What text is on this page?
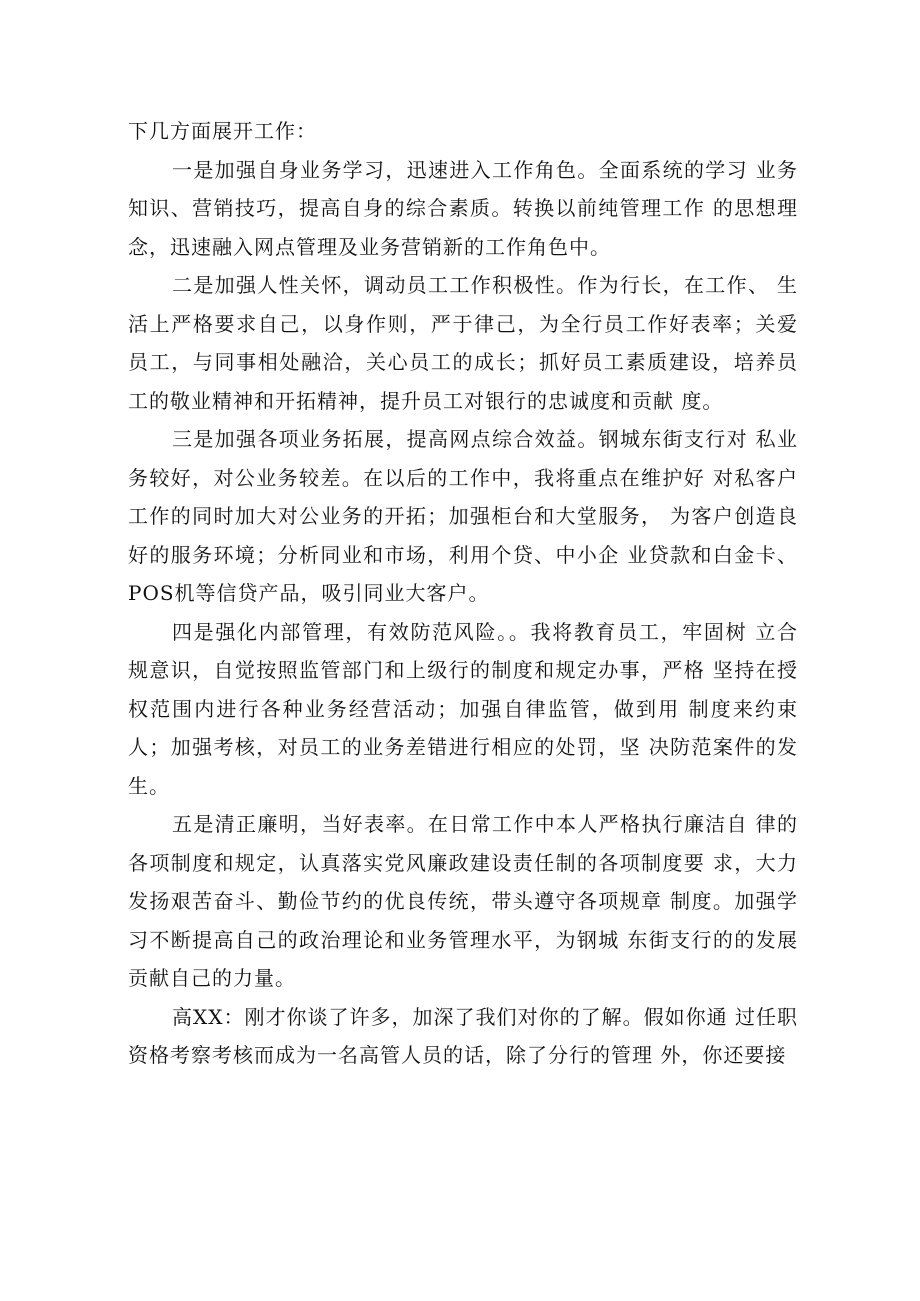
下几方面展开工作：

一是加强自身业务学习，迅速进入工作角色。全面系统的学习 业务知识、营销技巧，提高自身的综合素质。转换以前纯管理工作 的思想理念，迅速融入网点管理及业务营销新的工作角色中。

二是加强人性关怀，调动员工工作积极性。作为行长，在工作、 生活上严格要求自己，以身作则，严于律己，为全行员工作好表率；关爱员工，与同事相处融洽，关心员工的成长；抓好员工素质建设，培养员工的敬业精神和开拓精神，提升员工对银行的忠诚度和贡献 度。

三是加强各项业务拓展，提高网点综合效益。钢城东街支行对 私业务较好，对公业务较差。在以后的工作中，我将重点在维护好 对私客户工作的同时加大对公业务的开拓；加强柜台和大堂服务， 为客户创造良好的服务环境；分析同业和市场，利用个贷、中小企 业贷款和白金卡、POS机等信贷产品，吸引同业大客户。

四是强化内部管理，有效防范风险。。我将教育员工，牢固树 立合规意识，自觉按照监管部门和上级行的制度和规定办事，严格 坚持在授权范围内进行各种业务经营活动；加强自律监管，做到用 制度来约束人；加强考核，对员工的业务差错进行相应的处罚，坚 决防范案件的发生。

五是清正廉明，当好表率。在日常工作中本人严格执行廉洁自 律的各项制度和规定，认真落实党风廉政建设责任制的各项制度要 求，大力发扬艰苦奋斗、勤俭节约的优良传统，带头遵守各项规章 制度。加强学习不断提高自己的政治理论和业务管理水平，为钢城 东街支行的的发展贡献自己的力量。

高XX：刚才你谈了许多，加深了我们对你的了解。假如你通 过任职资格考察考核而成为一名高管人员的话，除了分行的管理 外，你还要接
